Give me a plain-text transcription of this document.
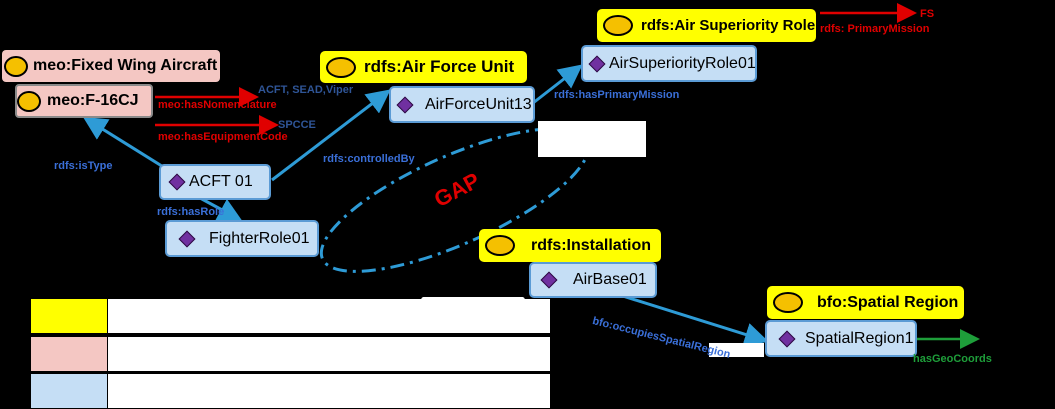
meo:Fixed Wing Aircraft	rdfs:Air Force Unit
rdfs:Air Superiority Role
rdfs:Installation
bfo:Spatial Region
meo:F-16CJ
ACFT 01
FighterRole01
AirForceUnit13
AirSuperiorityRole01
AirBase01
SpatialRegion1
ACFT, SEAD,Viper
meo:hasNomenclature
SPCCE
meo:hasEquipmentCode
rdfs:isType
rdfs:hasRole
rdfs:controlledBy
rdfs:hasPrimaryMission
FS
rdfs: PrimaryMission
bfo:occupiesSpatialRegion	hasGeoCoords
GAP
